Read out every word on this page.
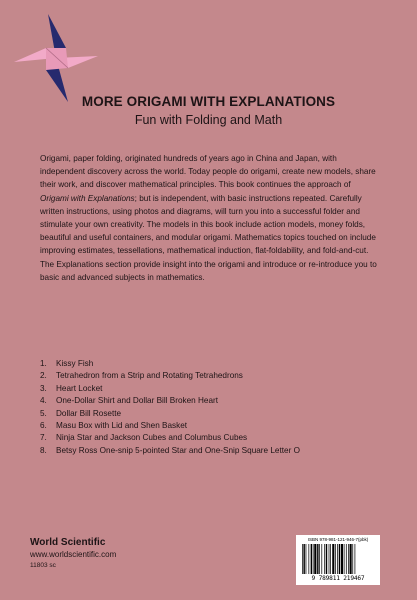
MORE ORIGAMI WITH EXPLANATIONS
Fun with Folding and Math

Origami, paper folding, originated hundreds of years ago in China and Japan, with independent discovery across the world. Today people do origami, create new models, share their work, and discover mathematical principles. This book continues the approach of Origami with Explanations; but is independent, with basic instructions repeated. Carefully written instructions, using photos and diagrams, will turn you into a successful folder and stimulate your own creativity. The models in this book include action models, money folds, beautiful and useful containers, and modular origami. Mathematics topics touched on include improving estimates, tessellations, mathematical induction, flat-foldability, and fold-and-cut. The Explanations section provide insight into the origami and introduce or re-introduce you to basic and advanced subjects in mathematics.

1.	Kissy Fish
2.	Tetrahedron from a Strip and Rotating Tetrahedrons
3.	Heart Locket
4.	One-Dollar Shirt and Dollar Bill Broken Heart
5.	Dollar Bill Rosette
6.	Masu Box with Lid and Shen Basket
7.	Ninja Star and Jackson Cubes and Columbus Cubes
8.	Betsy Ross One-snip 5-pointed Star and One-Snip Square Letter O
World Scientific
www.worldscientific.com
11803 sc
ISBN 978-981-121-946-7(pbk)
9 789811 219467
